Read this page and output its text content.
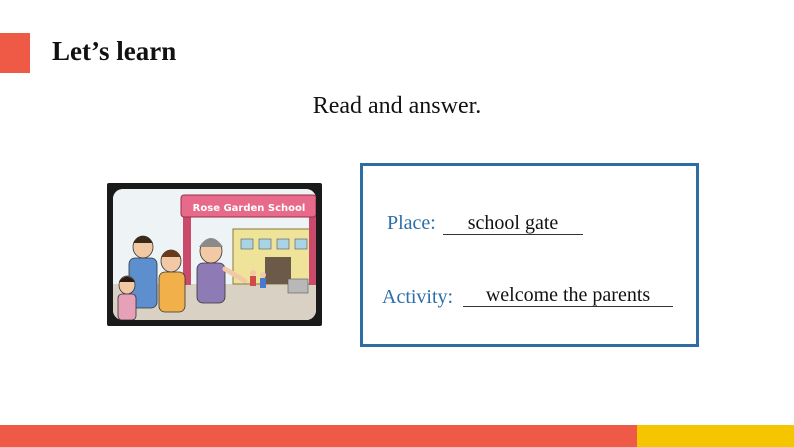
Let’s learn
Read and answer.
Rose Garden School
Place:	school gate
Activity:	welcome the parents
